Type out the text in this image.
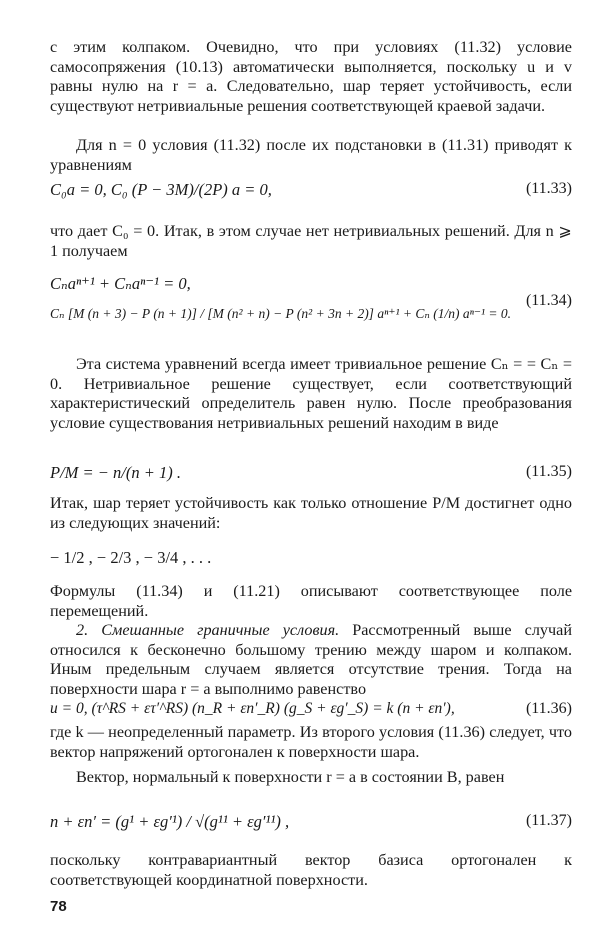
с этим колпаком. Очевидно, что при условиях (11.32) условие самосопряжения (10.13) автоматически выполняется, поскольку u и v равны нулю на r = a. Следовательно, шар теряет устойчивость, если существуют нетривиальные решения соответствующей краевой задачи.
Для n = 0 условия (11.32) после их подстановки в (11.31) приводят к уравнениям
C₀a = 0, C₀ (P − 3M)/(2P) a = 0,	(11.33)
что дает C₀ = 0. Итак, в этом случае нет нетривиальных решений. Для n ⩾ 1 получаем
Cₙaⁿ⁺¹ + Cₙaⁿ⁻¹ = 0,
Cₙ [M (n + 3) − P (n + 1)] / [M (n² + n) − P (n² + 3n + 2)] aⁿ⁺¹ + Cₙ (1/n) aⁿ⁻¹ = 0.
(11.34)
Эта система уравнений всегда имеет тривиальное решение Cₙ = = Cₙ = 0. Нетривиальное решение существует, если соответствующий характеристический определитель равен нулю. После преобразования условие существования нетривиальных решений находим в виде
P/M = − n/(n + 1) .	(11.35)
Итак, шар теряет устойчивость как только отношение P/M достигнет одно из следующих значений:
− 1/2 , − 2/3 , − 3/4 , . . .
Формулы (11.34) и (11.21) описывают соответствующее поле перемещений.
2. Смешанные граничные условия. Рассмотренный выше случай относился к бесконечно большому трению между шаром и колпаком. Иным предельным случаем является отсутствие трения. Тогда на поверхности шара r = a выполнимо равенство
u = 0, (τ^RS + ετ′^RS) (n_R + εn′_R) (g_S + εg′_S) = k (n + εn′),	(11.36)
где k — неопределенный параметр. Из второго условия (11.36) следует, что вектор напряжений ортогонален к поверхности шара.
Вектор, нормальный к поверхности r = a в состоянии B, равен
n + εn′ = (g¹ + εg′¹) / √(g¹¹ + εg′¹¹) ,	(11.37)
поскольку контравариантный вектор базиса ортогонален к соответствующей координатной поверхности.
78
